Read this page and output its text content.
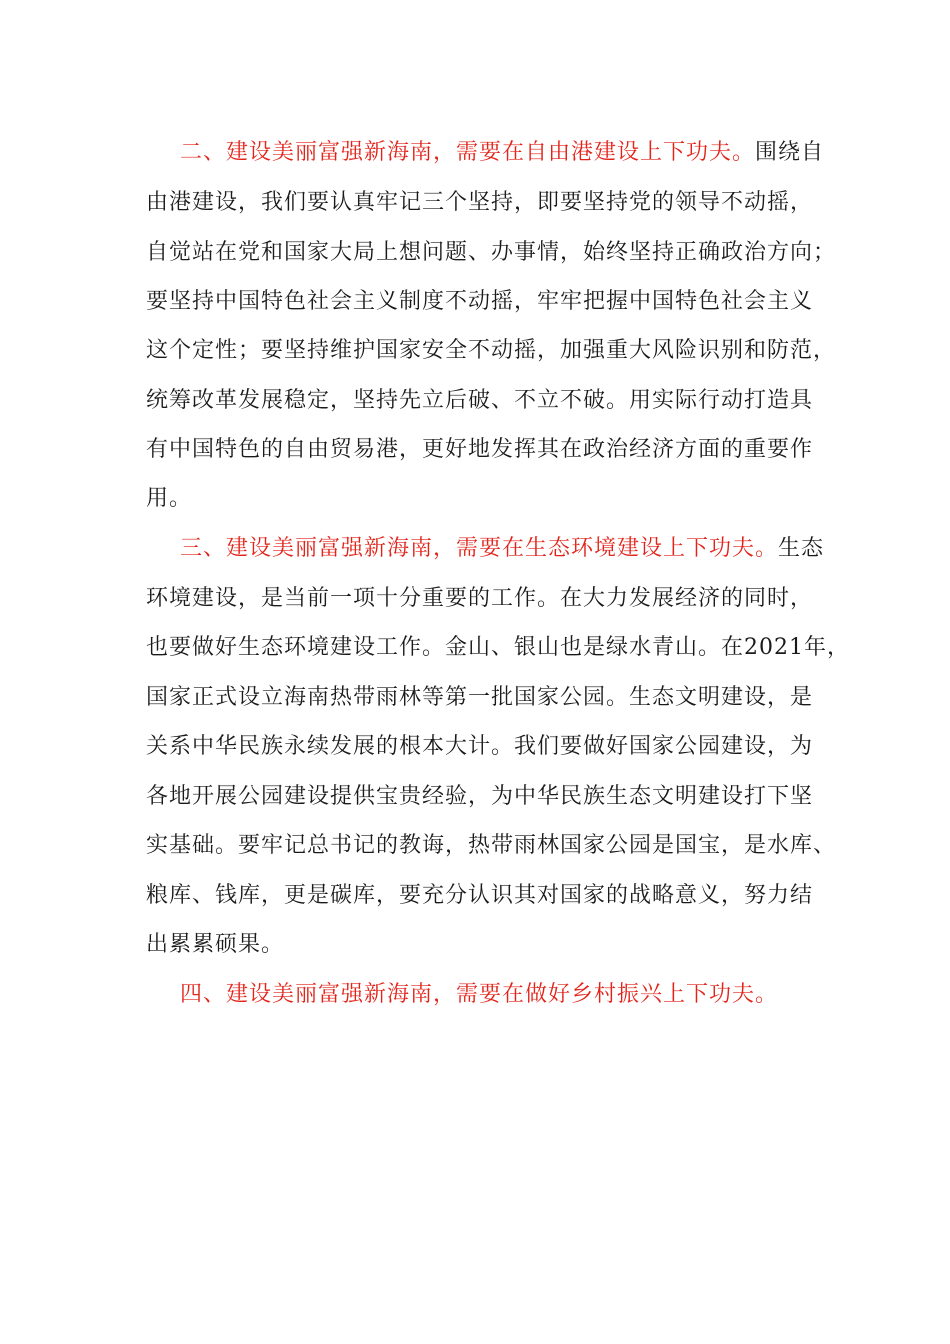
二、建设美丽富强新海南，需要在自由港建设上下功夫。围绕自
由港建设，我们要认真牢记三个坚持，即要坚持党的领导不动摇，
自觉站在党和国家大局上想问题、办事情，始终坚持正确政治方向；
要坚持中国特色社会主义制度不动摇，牢牢把握中国特色社会主义
这个定性；要坚持维护国家安全不动摇，加强重大风险识别和防范，
统筹改革发展稳定，坚持先立后破、不立不破。用实际行动打造具
有中国特色的自由贸易港，更好地发挥其在政治经济方面的重要作
用。
三、建设美丽富强新海南，需要在生态环境建设上下功夫。生态
环境建设，是当前一项十分重要的工作。在大力发展经济的同时，
也要做好生态环境建设工作。金山、银山也是绿水青山。在2021年，
国家正式设立海南热带雨林等第一批国家公园。生态文明建设，是
关系中华民族永续发展的根本大计。我们要做好国家公园建设，为
各地开展公园建设提供宝贵经验，为中华民族生态文明建设打下坚
实基础。要牢记总书记的教诲，热带雨林国家公园是国宝，是水库、
粮库、钱库，更是碳库，要充分认识其对国家的战略意义，努力结
出累累硕果。
四、建设美丽富强新海南，需要在做好乡村振兴上下功夫。
